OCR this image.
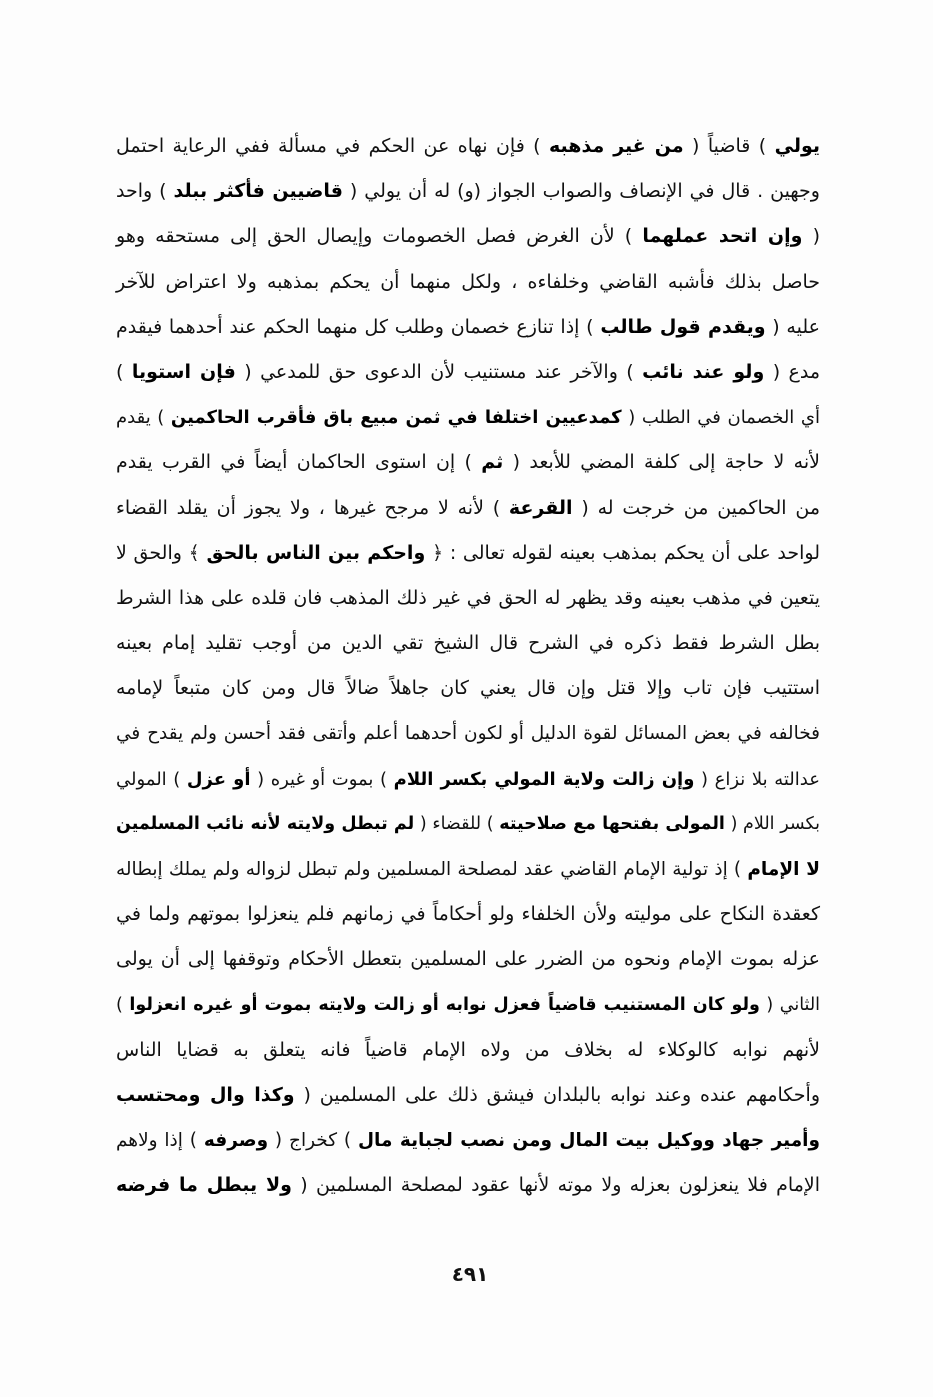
يولي ) قاضياً ( من غير مذهبه ) فإن نهاه عن الحكم في مسألة ففي الرعاية احتمل
وجهين . قال في الإنصاف والصواب الجواز (و) له أن يولي ( قاضيين فأكثر ببلد ) واحد
( وإن اتحد عملهما ) لأن الغرض فصل الخصومات وإيصال الحق إلى مستحقه وهو
حاصل بذلك فأشبه القاضي وخلفاءه ، ولكل منهما أن يحكم بمذهبه ولا اعتراض للآخر
عليه ( ويقدم قول طالب ) إذا تنازع خصمان وطلب كل منهما الحكم عند أحدهما فيقدم
مدع ( ولو عند نائب ) والآخر عند مستنيب لأن الدعوى حق للمدعي ( فإن استويا )
أي الخصمان في الطلب ( كمدعيين اختلفا في ثمن مبيع باق فأقرب الحاكمين ) يقدم
لأنه لا حاجة إلى كلفة المضي للأبعد ( ثم ) إن استوى الحاكمان أيضاً في القرب يقدم
من الحاكمين من خرجت له ( القرعة ) لأنه لا مرجح غيرها ، ولا يجوز أن يقلد القضاء
لواحد على أن يحكم بمذهب بعينه لقوله تعالى : ﴿ واحكم بين الناس بالحق ﴾ والحق لا
يتعين في مذهب بعينه وقد يظهر له الحق في غير ذلك المذهب فان قلده على هذا الشرط
بطل الشرط فقط ذكره في الشرح قال الشيخ تقي الدين من أوجب تقليد إمام بعينه
استتيب فإن تاب وإلا قتل وإن قال يعني كان جاهلاً ضالاً قال ومن كان متبعاً لإمامه
فخالفه في بعض المسائل لقوة الدليل أو لكون أحدهما أعلم وأتقى فقد أحسن ولم يقدح في
عدالته بلا نزاع ( وإن زالت ولاية المولي بكسر اللام ) بموت أو غيره ( أو عزل ) المولي
بكسر اللام ( المولى بفتحها مع صلاحيته ) للقضاء ( لم تبطل ولايته لأنه نائب المسلمين
لا الإمام ) إذ تولية الإمام القاضي عقد لمصلحة المسلمين ولم تبطل لزواله ولم يملك إبطاله
كعقدة النكاح على موليته ولأن الخلفاء ولو أحكاماً في زمانهم فلم ينعزلوا بموتهم ولما في
عزله بموت الإمام ونحوه من الضرر على المسلمين بتعطل الأحكام وتوقفها إلى أن يولى
الثاني ( ولو كان المستنيب قاضياً فعزل نوابه أو زالت ولايته بموت أو غيره انعزلوا )
لأنهم نوابه كالوكلاء له بخلاف من ولاه الإمام قاضياً فانه يتعلق به قضايا الناس
وأحكامهم عنده وعند نوابه بالبلدان فيشق ذلك على المسلمين ( وكذا وال ومحتسب
وأمير جهاد ووكيل بيت المال ومن نصب لجباية مال ) كخراج ( وصرفه ) إذا ولاهم
الإمام فلا ينعزلون بعزله ولا موته لأنها عقود لمصلحة المسلمين ( ولا يبطل ما فرضه
٤٩١
